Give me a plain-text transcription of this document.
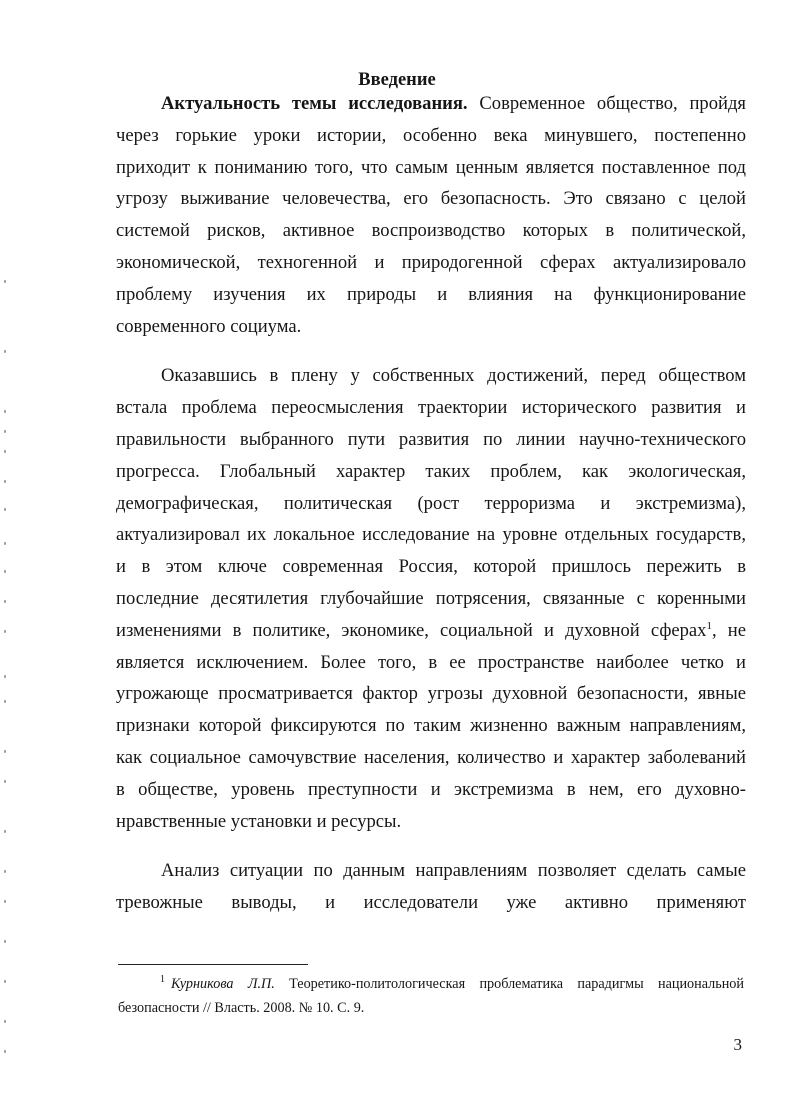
Введение

Актуальность темы исследования. Современное общество, пройдя
через горькие уроки истории, особенно века минувшего, постепенно
приходит к пониманию того, что самым ценным является поставленное под
угрозу выживание человечества, его безопасность. Это связано с целой
системой рисков, активное воспроизводство которых в политической,
экономической, техногенной и природогенной сферах актуализировало
проблему изучения их природы и влияния на функционирование
современного социума.

Оказавшись в плену у собственных достижений, перед обществом
встала проблема переосмысления траектории исторического развития и
правильности выбранного пути развития по линии научно-технического
прогресса. Глобальный характер таких проблем, как экологическая,
демографическая, политическая (рост терроризма и экстремизма),
актуализировал их локальное исследование на уровне отдельных государств,
и в этом ключе современная Россия, которой пришлось пережить в
последние десятилетия глубочайшие потрясения, связанные с коренными
изменениями в политике, экономике, социальной и духовной сферах$^1$, не
является исключением. Более того, в ее пространстве наиболее четко и
угрожающе просматривается фактор угрозы духовной безопасности, явные
признаки которой фиксируются по таким жизненно важным направлениям,
как социальное самочувствие населения, количество и характер заболеваний
в обществе, уровень преступности и экстремизма в нем, его духовно-
нравственные установки и ресурсы.

Анализ ситуации по данным направлениям позволяет сделать самые
тревожные выводы, и исследователи уже активно применяют

$^1$ Курникова Л.П. Теоретико-политологическая проблематика парадигмы национальной
безопасности // Власть. 2008. № 10. С. 9.

3
